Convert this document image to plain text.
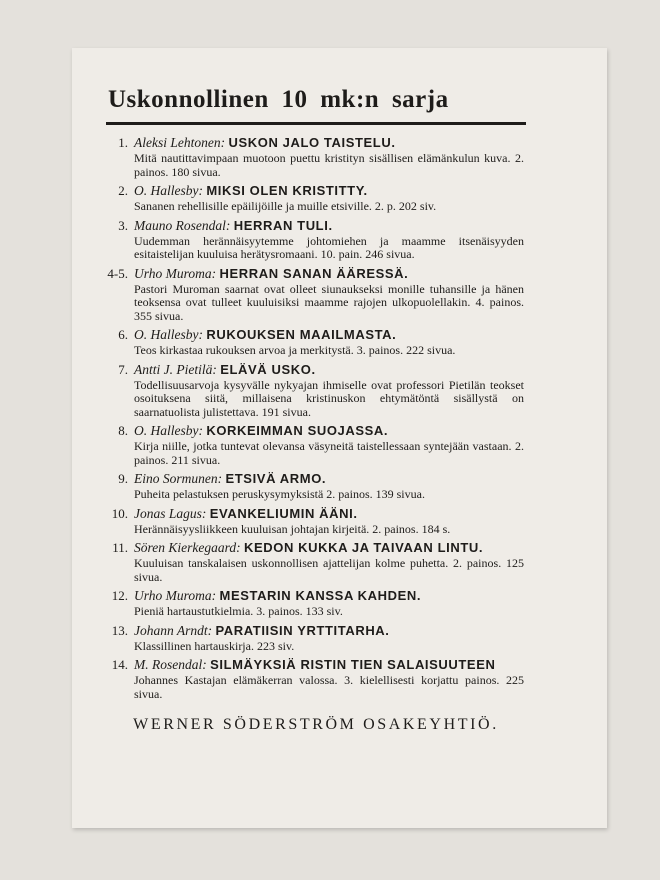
Uskonnollinen 10 mk:n sarja
1. Aleksi Lehtonen: USKON JALO TAISTELU.
Mitä nautittavimpaan muotoon puettu kristityn sisällisen elämänkulun kuva. 2. painos. 180 sivua.
2. O. Hallesby: MIKSI OLEN KRISTITTY.
Sananen rehellisille epäilijöille ja muille etsiville. 2. p. 202 siv.
3. Mauno Rosendal: HERRAN TULI.
Uudemman herännäisyytemme johtomiehen ja maamme itsenäisyyden esitaistelijan kuuluisa herätysromaani. 10. pain. 246 sivua.
4-5. Urho Muroma: HERRAN SANAN ÄÄRESSÄ.
Pastori Muroman saarnat ovat olleet siunaukseksi monille tuhansille ja hänen teoksensa ovat tulleet kuuluisiksi maamme rajojen ulkopuolellakin. 4. painos. 355 sivua.
6. O. Hallesby: RUKOUKSEN MAAILMASTA.
Teos kirkastaa rukouksen arvoa ja merkitystä. 3. painos. 222 sivua.
7. Antti J. Pietilä: ELÄVÄ USKO.
Todellisuusarvoja kysyvälle nykyajan ihmiselle ovat professori Pietilän teokset osoituksena siitä, millaisena kristinuskon ehtymätöntä sisällystä on saarnatuolista julistettava. 191 sivua.
8. O. Hallesby: KORKEIMMAN SUOJASSA.
Kirja niille, jotka tuntevat olevansa väsyneitä taistellessaan syntejään vastaan. 2. painos. 211 sivua.
9. Eino Sormunen: ETSIVÄ ARMO.
Puheita pelastuksen peruskysymyksistä 2. painos. 139 sivua.
10. Jonas Lagus: EVANKELIUMIN ÄÄNI.
Herännäisyysliikkeen kuuluisan johtajan kirjeitä. 2. painos. 184 s.
11. Sören Kierkegaard: KEDON KUKKA JA TAIVAAN LINTU.
Kuuluisan tanskalaisen uskonnollisen ajattelijan kolme puhetta. 2. painos. 125 sivua.
12. Urho Muroma: MESTARIN KANSSA KAHDEN.
Pieniä hartaustutkielmia. 3. painos. 133 siv.
13. Johann Arndt: PARATIISIN YRTTITARHA.
Klassillinen hartauskirja. 223 siv.
14. M. Rosendal: SILMÄYKSIÄ RISTIN TIEN SALAISUUTEEN
Johannes Kastajan elämäkerran valossa. 3. kielellisesti korjattu painos. 225 sivua.
WERNER SÖDERSTRÖM OSAKEYHTIÖ.
